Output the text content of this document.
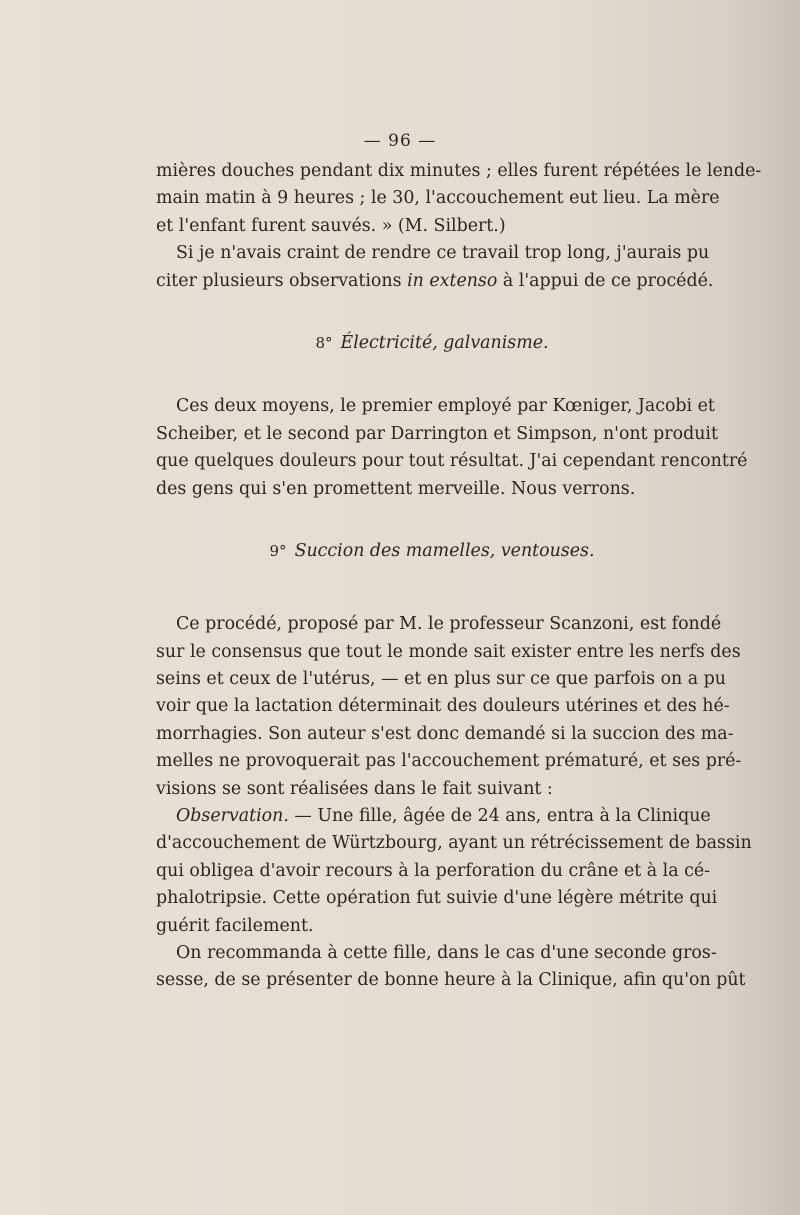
— 96 —
mières douches pendant dix minutes ; elles furent répétées le lende-
main matin à 9 heures ; le 30, l'accouchement eut lieu. La mère
et l'enfant furent sauvés. » (M. Silbert.)
Si je n'avais craint de rendre ce travail trop long, j'aurais pu
citer plusieurs observations in extenso à l'appui de ce procédé.
8° Électricité, galvanisme.
Ces deux moyens, le premier employé par Kœniger, Jacobi et
Scheiber, et le second par Darrington et Simpson, n'ont produit
que quelques douleurs pour tout résultat. J'ai cependant rencontré
des gens qui s'en promettent merveille. Nous verrons.
9° Succion des mamelles, ventouses.
Ce procédé, proposé par M. le professeur Scanzoni, est fondé
sur le consensus que tout le monde sait exister entre les nerfs des
seins et ceux de l'utérus, — et en plus sur ce que parfois on a pu
voir que la lactation déterminait des douleurs utérines et des hé-
morrhagies. Son auteur s'est donc demandé si la succion des ma-
melles ne provoquerait pas l'accouchement prématuré, et ses pré-
visions se sont réalisées dans le fait suivant :
Observation. — Une fille, âgée de 24 ans, entra à la Clinique
d'accouchement de Würtzbourg, ayant un rétrécissement de bassin
qui obligea d'avoir recours à la perforation du crâne et à la cé-
phalotripsie. Cette opération fut suivie d'une légère métrite qui
guérit facilement.
On recommanda à cette fille, dans le cas d'une seconde gros-
sesse, de se présenter de bonne heure à la Clinique, afin qu'on pût
